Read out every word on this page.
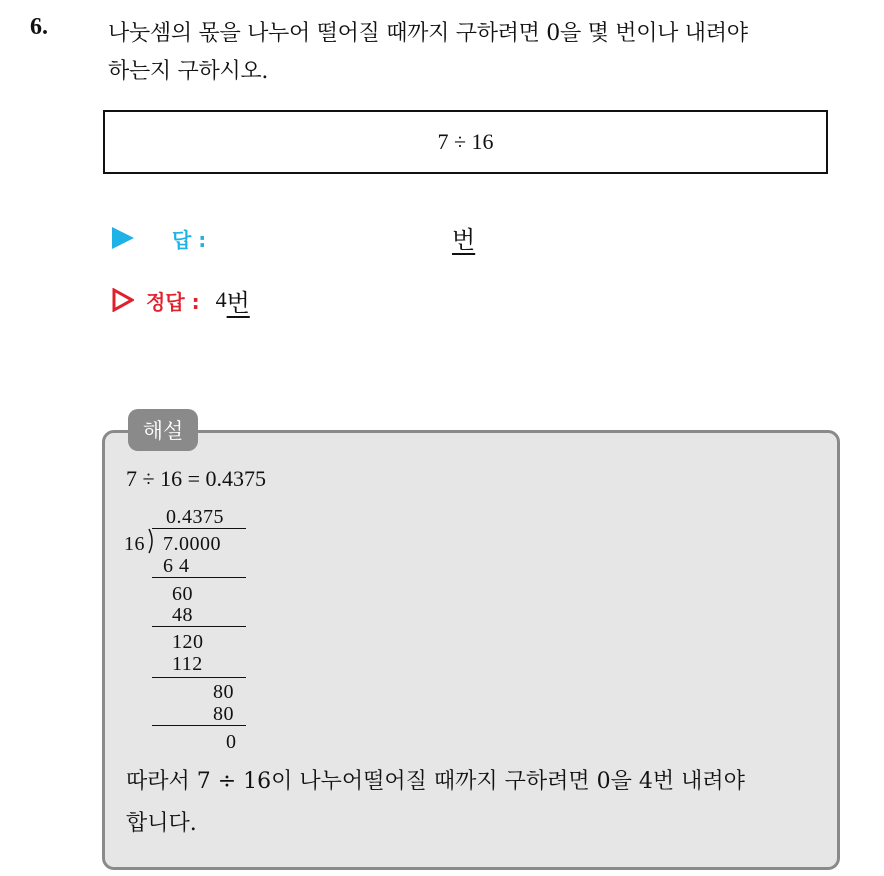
6.	나눗셈의 몫을 나누어 떨어질 때까지 구하려면 0을 몇 번이나 내려야
하는지 구하시오.
7 ÷ 16
답 :	번
정답 : 4 번
해설
7 ÷ 16 = 0.4375
0.4375
16 7.0000
6 4
60
48
120
112
80
80
0
따라서 7 ÷ 16이 나누어떨어질 때까지 구하려면 0을 4번 내려야
합니다.
